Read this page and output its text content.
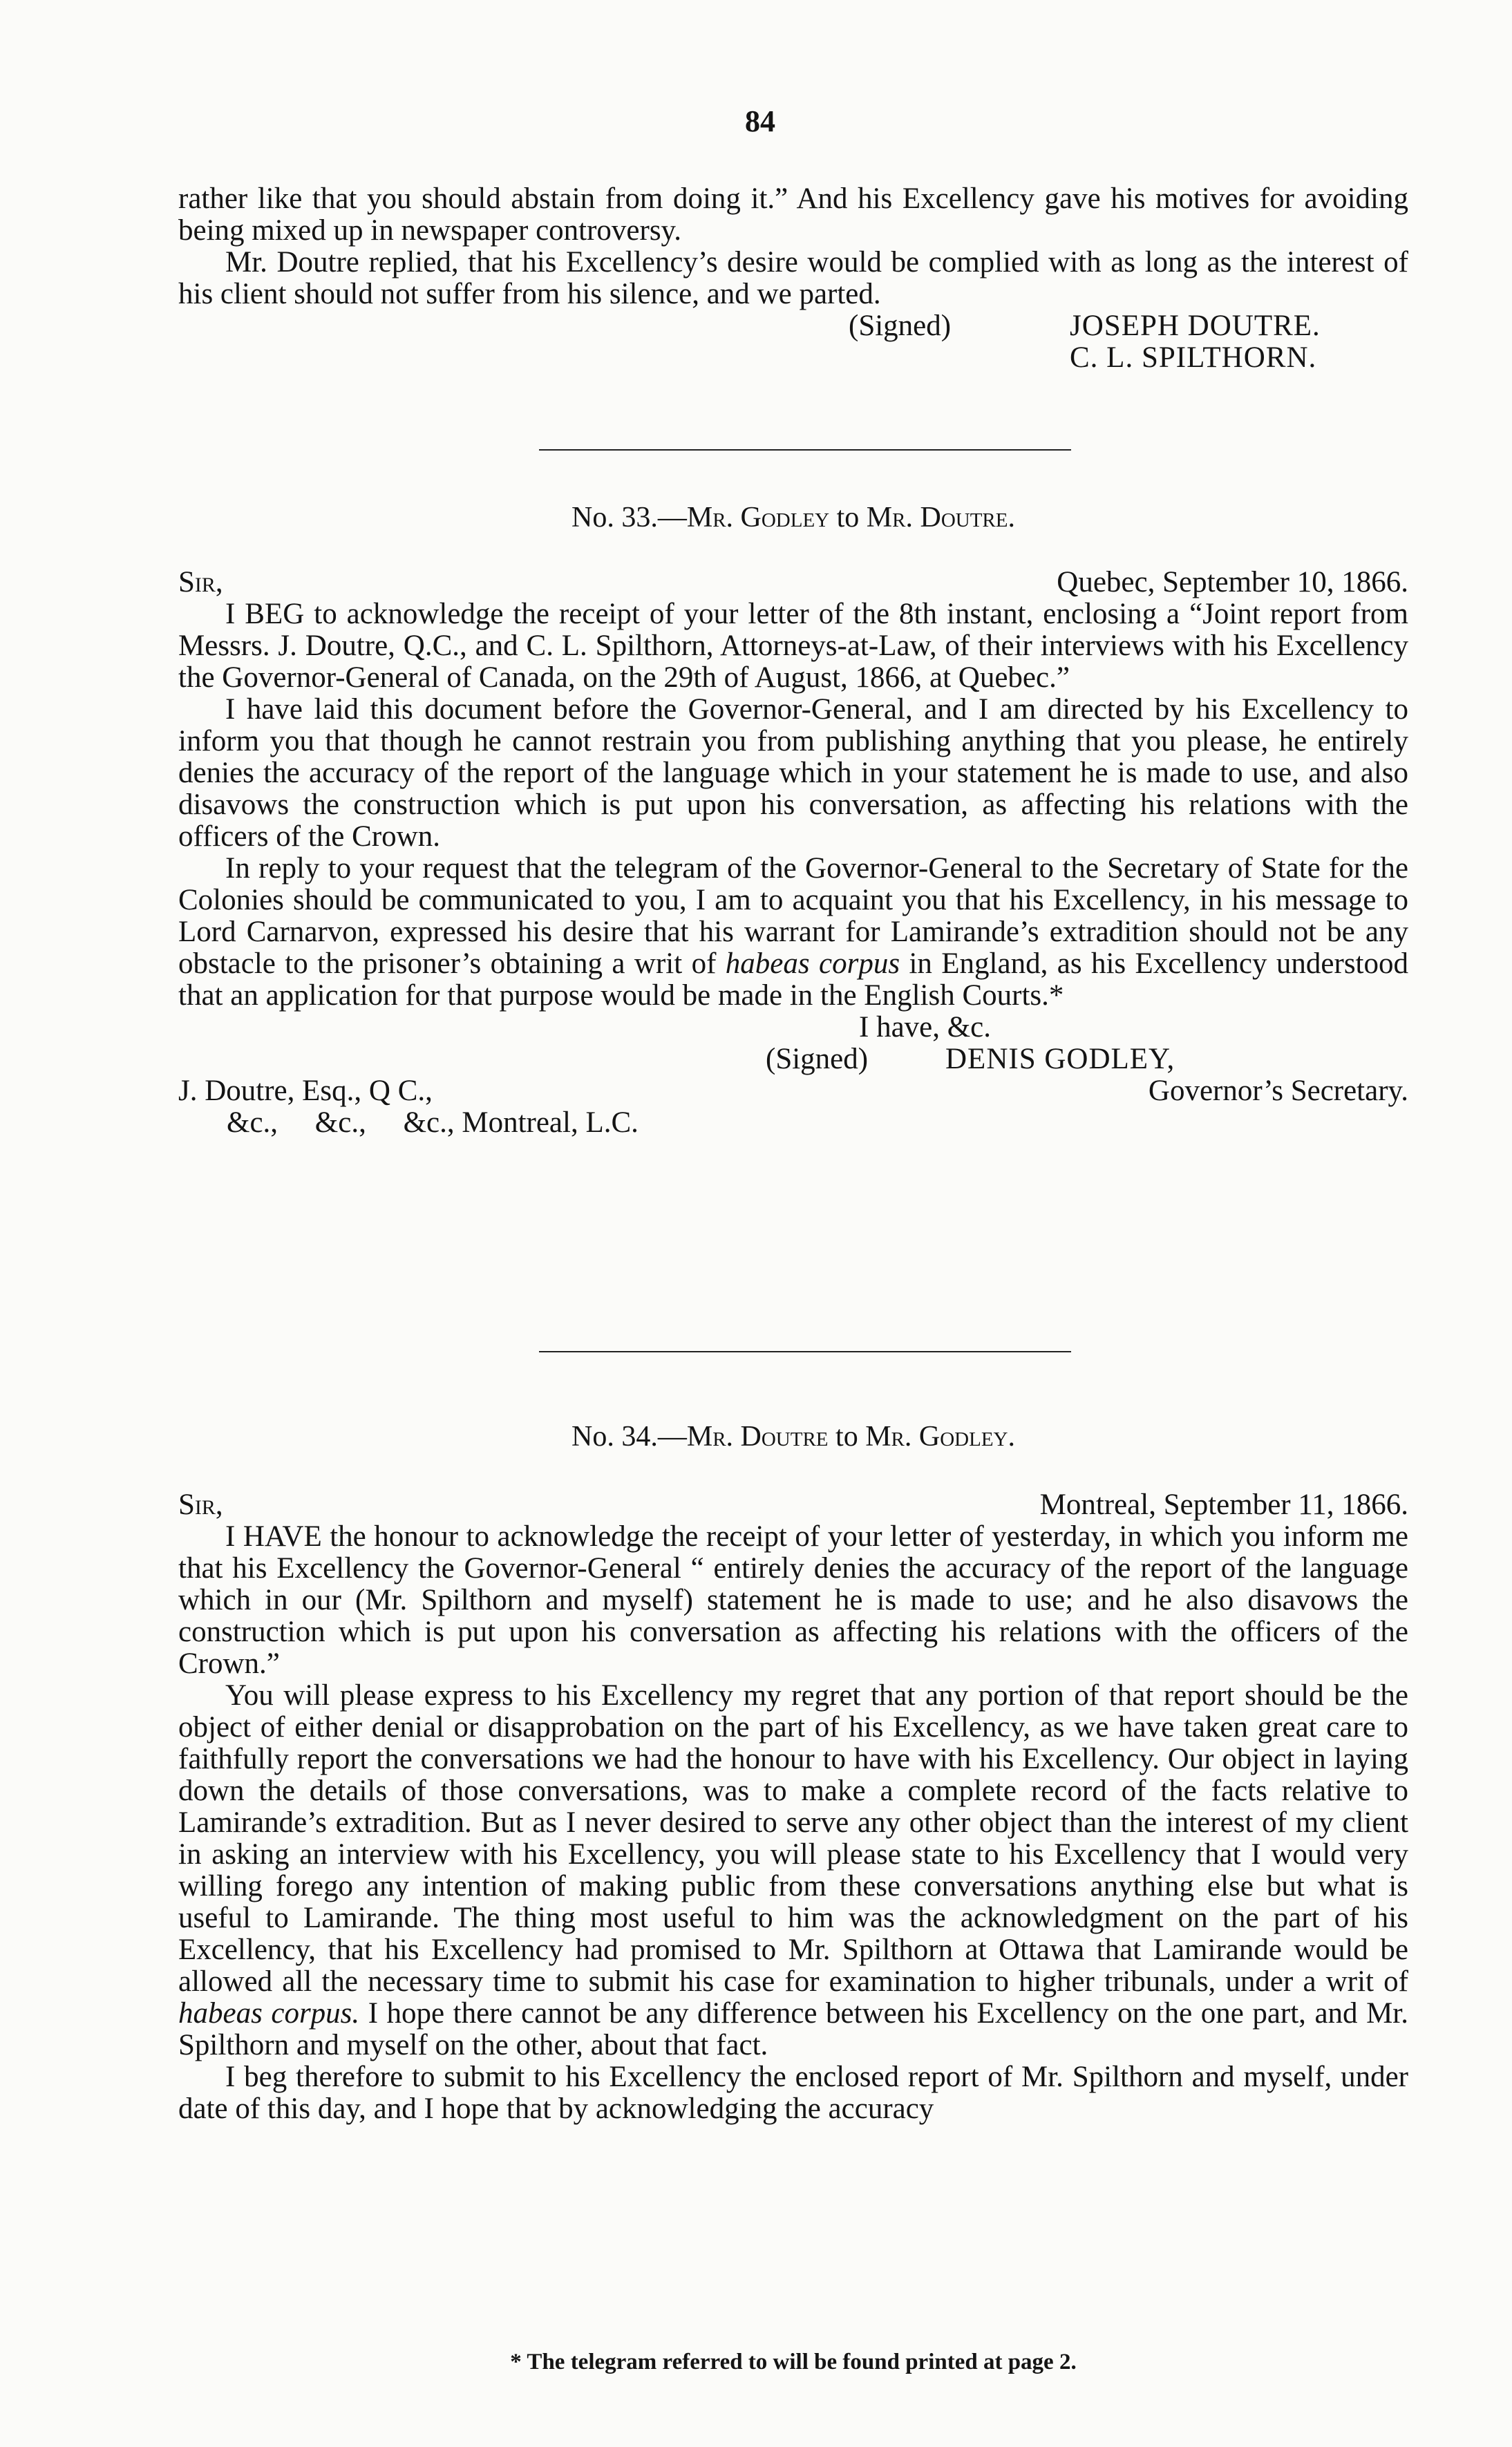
84

rather like that you should abstain from doing it.” And his Excellency gave his motives for avoiding being mixed up in newspaper controversy.

Mr. Doutre replied, that his Excellency’s desire would be complied with as long as the interest of his client should not suffer from his silence, and we parted.

(Signed)	JOSEPH DOUTRE.
C. L. SPILTHORN.
No. 33.—Mr. Godley to Mr. Doutre.
Sir,	Quebec, September 10, 1866.

I BEG to acknowledge the receipt of your letter of the 8th instant, enclosing a “Joint report from Messrs. J. Doutre, Q.C., and C. L. Spilthorn, Attorneys-at-Law, of their interviews with his Excellency the Governor-General of Canada, on the 29th of August, 1866, at Quebec.”

I have laid this document before the Governor-General, and I am directed by his Excellency to inform you that though he cannot restrain you from publishing anything that you please, he entirely denies the accuracy of the report of the language which in your statement he is made to use, and also disavows the construction which is put upon his conversation, as affecting his relations with the officers of the Crown.

In reply to your request that the telegram of the Governor-General to the Secretary of State for the Colonies should be communicated to you, I am to acquaint you that his Excellency, in his message to Lord Carnarvon, expressed his desire that his warrant for Lamirande’s extradition should not be any obstacle to the prisoner’s obtaining a writ of habeas corpus in England, as his Excellency understood that an application for that purpose would be made in the English Courts.*

I have, &c.
(Signed)	DENIS GODLEY,
J. Doutre, Esq., Q C.,	Governor’s Secretary.
&c.,     &c.,     &c., Montreal, L.C.
No. 34.—Mr. Doutre to Mr. Godley.
Sir,	Montreal, September 11, 1866.

I HAVE the honour to acknowledge the receipt of your letter of yesterday, in which you inform me that his Excellency the Governor-General “ entirely denies the accuracy of the report of the language which in our (Mr. Spilthorn and myself) statement he is made to use; and he also disavows the construction which is put upon his conversation as affecting his relations with the officers of the Crown.”

You will please express to his Excellency my regret that any portion of that report should be the object of either denial or disapprobation on the part of his Excellency, as we have taken great care to faithfully report the conversations we had the honour to have with his Excellency. Our object in laying down the details of those conversations, was to make a complete record of the facts relative to Lamirande’s extradition. But as I never desired to serve any other object than the interest of my client in asking an interview with his Excellency, you will please state to his Excellency that I would very willing forego any intention of making public from these conversations anything else but what is useful to Lamirande. The thing most useful to him was the acknowledgment on the part of his Excellency, that his Excellency had promised to Mr. Spilthorn at Ottawa that Lamirande would be allowed all the necessary time to submit his case for examination to higher tribunals, under a writ of habeas corpus. I hope there cannot be any difference between his Excellency on the one part, and Mr. Spilthorn and myself on the other, about that fact.

I beg therefore to submit to his Excellency the enclosed report of Mr. Spilthorn and myself, under date of this day, and I hope that by acknowledging the accuracy

* The telegram referred to will be found printed at page 2.
